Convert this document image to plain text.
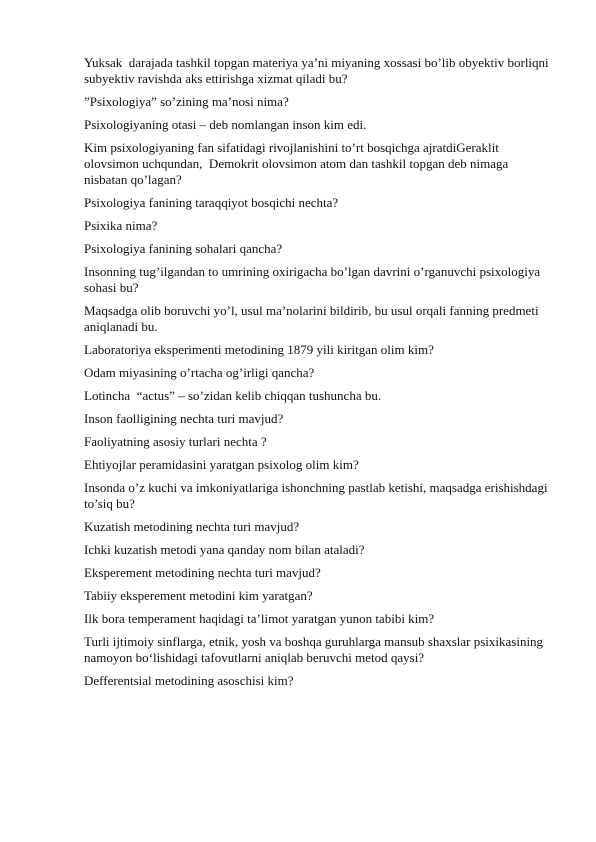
Yuksak  darajada tashkil topgan materiya ya’ni miyaning xossasi bo’lib obyektiv borliqni subyektiv ravishda aks ettirishga xizmat qiladi bu?
”Psixologiya” so’zining ma’nosi nima?
Psixologiyaning otasi – deb nomlangan inson kim edi.
Kim psixologiyaning fan sifatidagi rivojlanishini to’rt bosqichga ajratdiGeraklit olovsimon uchqundan,  Demokrit olovsimon atom dan tashkil topgan deb nimaga nisbatan qo’lagan?
Psixologiya fanining taraqqiyot bosqichi nechta?
Psixika nima?
Psixologiya fanining sohalari qancha?
Insonning tug’ilgandan to umrining oxirigacha bo’lgan davrini o’rganuvchi psixologiya sohasi bu?
Maqsadga olib boruvchi yo’l, usul ma’nolarini bildirib, bu usul orqali fanning predmeti aniqlanadi bu.
Laboratoriya eksperimenti metodining 1879 yili kiritgan olim kim?
Odam miyasining o’rtacha og’irligi qancha?
Lotincha  “actus” – so’zidan kelib chiqqan tushuncha bu.
Inson faolligining nechta turi mavjud?
Faoliyatning asosiy turlari nechta ?
Ehtiyojlar peramidasini yaratgan psixolog olim kim?
Insonda o’z kuchi va imkoniyatlariga ishonchning pastlab ketishi, maqsadga erishishdagi to’siq bu?
Kuzatish metodining nechta turi mavjud?
Ichki kuzatish metodi yana qanday nom bilan ataladi?
Eksperement metodining nechta turi mavjud?
Tabiiy eksperement metodini kim yaratgan?
Ilk bora temperament haqidagi ta’limot yaratgan yunon tabibi kim?
Turli ijtimoiy sinflarga, etnik, yosh va boshqa guruhlarga mansub shaxslar psixikasining namoyon bo‘lishidagi tafovutlarni aniqlab beruvchi metod qaysi?
Defferentsial metodining asoschisi kim?
